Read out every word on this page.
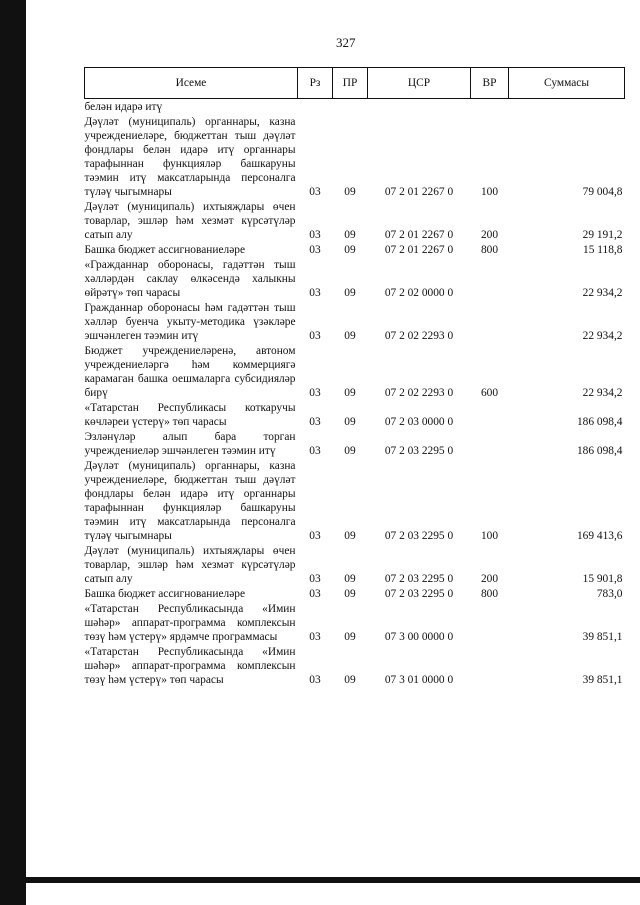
327
Исеме	Рз	ПР	ЦСР	ВР	Суммасы
белән идарә итү					
Дәүләт (муниципаль) органнары, казна учреждениеләре, бюджеттан тыш дәүләт фондлары белән идарә итү органнары тарафыннан функцияләр башкаруны тәэмин итү максатларында персоналга түләү чыгымнары	03	09	07 2 01 2267 0	100	79 004,8
Дәүләт (муниципаль) ихтыяҗлары өчен товарлар, эшләр һәм хезмәт күрсәтүләр сатып алу	03	09	07 2 01 2267 0	200	29 191,2
Башка бюджет ассигнованиеләре	03	09	07 2 01 2267 0	800	15 118,8
«Гражданнар оборонасы, гадәттән тыш хәлләрдән саклау өлкәсендә халыкны өйрәтү» төп чарасы	03	09	07 2 02 0000 0		22 934,2
Гражданнар оборонасы һәм гадәттән тыш хәлләр буенча укыту-методика үзәкләре эшчәнлеген тәэмин итү	03	09	07 2 02 2293 0		22 934,2
Бюджет учреждениеләренә, автоном учреждениеләргә һәм коммерциягә карамаган башка оешмаларга субсидияләр бирү	03	09	07 2 02 2293 0	600	22 934,2
«Татарстан Республикасы коткаручы көчләреи үстерү» төп чарасы	03	09	07 2 03 0000 0		186 098,4
Эзләнүләр алып бара торган учреждениеләр эшчәнлеген тәэмин итү	03	09	07 2 03 2295 0		186 098,4
Дәүләт (муниципаль) органнары, казна учреждениеләре, бюджеттан тыш дәүләт фондлары белән идарә итү органнары тарафыннан функцияләр башкаруны тәэмин итү максатларында персоналга түләү чыгымнары	03	09	07 2 03 2295 0	100	169 413,6
Дәүләт (муниципаль) ихтыяҗлары өчен товарлар, эшләр һәм хезмәт күрсәтүләр сатып алу	03	09	07 2 03 2295 0	200	15 901,8
Башка бюджет ассигнованиеләре	03	09	07 2 03 2295 0	800	783,0
«Татарстан Республикасында «Имин шәһәр» аппарат-программа комплексын төзү һәм үстерү» ярдәмче программасы	03	09	07 3 00 0000 0		39 851,1
«Татарстан Республикасында «Имин шәһәр» аппарат-программа комплексын төзү һәм үстерү» төп чарасы	03	09	07 3 01 0000 0		39 851,1
